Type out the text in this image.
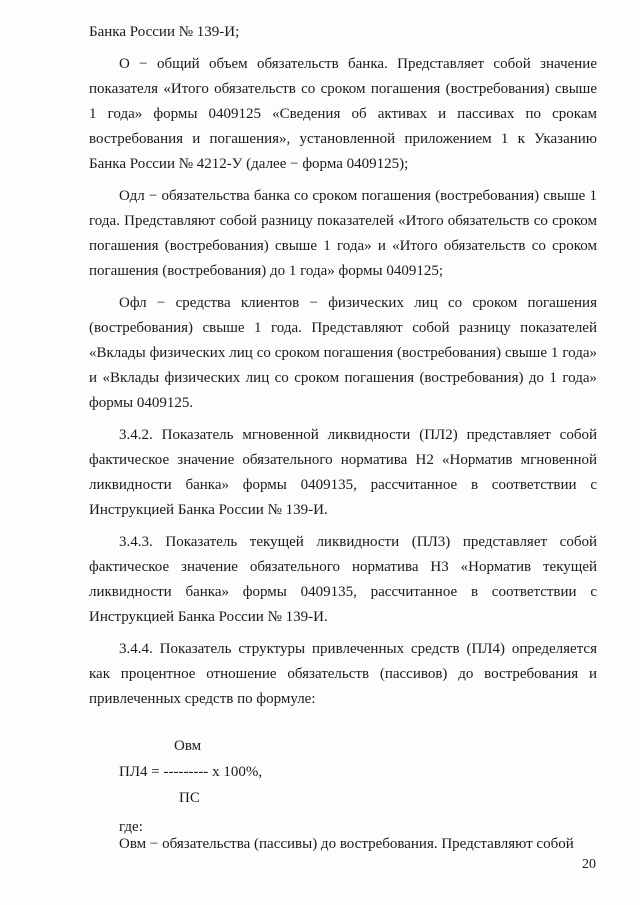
Банка России № 139-И;

О − общий объем обязательств банка. Представляет собой значение показателя «Итого обязательств со сроком погашения (востребования) свыше 1 года» формы 0409125 «Сведения об активах и пассивах по срокам востребования и погашения», установленной приложением 1 к Указанию Банка России № 4212-У (далее − форма 0409125);

Одл − обязательства банка со сроком погашения (востребования) свыше 1 года. Представляют собой разницу показателей «Итого обязательств со сроком погашения (востребования) свыше 1 года» и «Итого обязательств со сроком погашения (востребования) до 1 года» формы 0409125;

Офл − средства клиентов − физических лиц со сроком погашения (востребования) свыше 1 года. Представляют собой разницу показателей «Вклады физических лиц со сроком погашения (востребования) свыше 1 года» и «Вклады физических лиц со сроком погашения (востребования) до 1 года» формы 0409125.

3.4.2. Показатель мгновенной ликвидности (ПЛ2) представляет собой фактическое значение обязательного норматива Н2 «Норматив мгновенной ликвидности банка» формы 0409135, рассчитанное в соответствии с Инструкцией Банка России № 139-И.

3.4.3. Показатель текущей ликвидности (ПЛ3) представляет собой фактическое значение обязательного норматива Н3 «Норматив текущей ликвидности банка» формы 0409135, рассчитанное в соответствии с Инструкцией Банка России № 139-И.

3.4.4. Показатель структуры привлеченных средств (ПЛ4) определяется как процентное отношение обязательств (пассивов) до востребования и привлеченных средств по формуле:

Овм
ПЛ4 = --------- х 100%,
ПС
где:

Овм − обязательства (пассивы) до востребования. Представляют собой

20
